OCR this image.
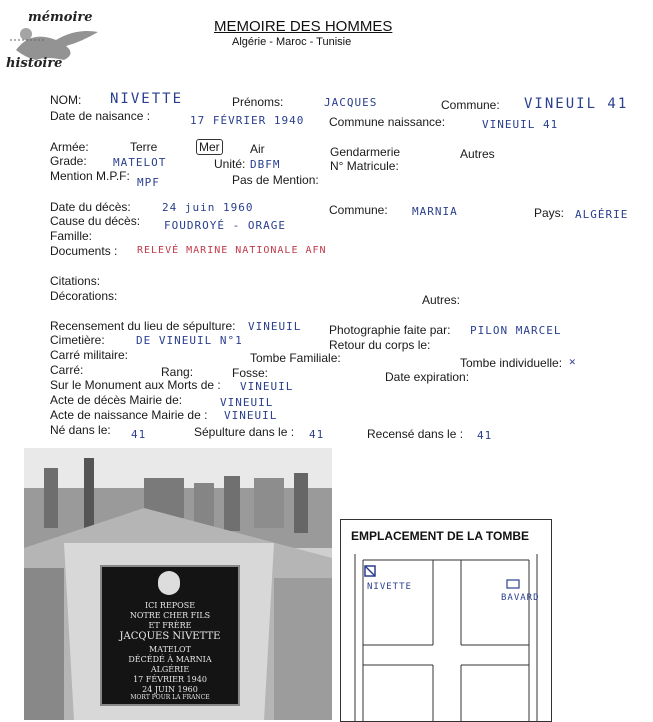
mémoire
histoire
MEMOIRE DES HOMMES
Algérie - Maroc - Tunisie
NOM: NIVETTE	Prénoms:	JACQUES	Commune: VINEUIL 41
Date de naisance :	17 FÉVRIER 1940 Commune naissance:	VINEUIL 41
Armée:	Terre	Mer	Air	Gendarmerie	Autres
Grade: MATELOT	Unité: DBFM	N° Matricule:
Mention M.P.F: MPF	Pas de Mention:
Date du décès:	24 juin 1960	Commune: MARNIA	Pays: ALGÉRIE
Cause du décès: FOUDROYÉ - ORAGE
Famille:
Documents : RELEVÉ MARINE NATIONALE AFN
Citations:
Décorations:	Autres:
Recensement du lieu de sépulture: VINEUIL Photographie faite par: PILON MARCEL
Cimetière:	DE VINEUIL N°1	Retour du corps le:
Carré militaire:	Tombe Familiale:	Tombe individuelle: ✕
Carré:	Rang:	Fosse:	Date expiration:
Sur le Monument aux Morts de : VINEUIL
Acte de décès Mairie de:	VINEUIL
Acte de naissance Mairie de : VINEUIL
Né dans le: 41	Sépulture dans le : 41	Recensé dans le : 41
ICI REPOSE
NOTRE CHER FILS
ET FRÈRE
JACQUES NIVETTE
MATELOT
DÉCÉDÉ À MARNIA
ALGÉRIE
17 FÉVRIER 1940
24 JUIN 1960
MORT POUR LA FRANCE
EMPLACEMENT DE LA TOMBE
NIVETTE
BAVARD
